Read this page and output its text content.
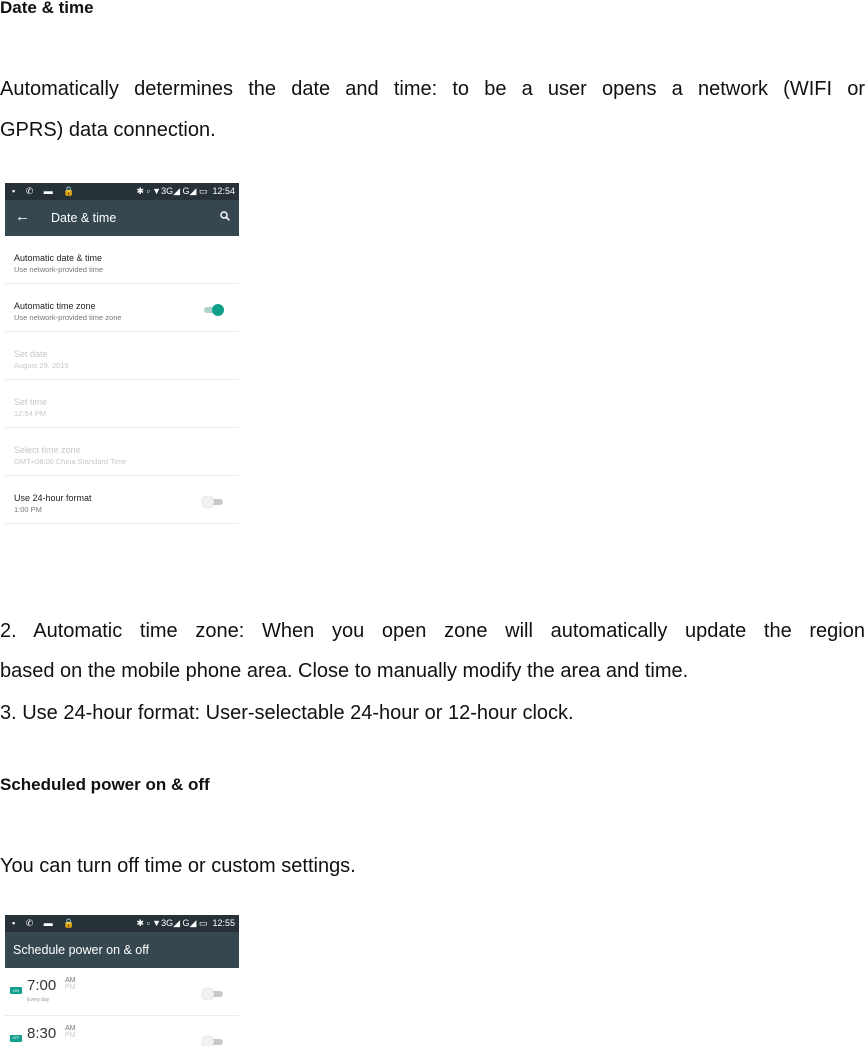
Date & time
Automatically determines the date and time: to be a user opens a network (WIFI or
GPRS) data connection.
▪ ✆ ▬ 🔒	✱ ▫ ▼3G◢ G◢ ▭ 12:54
← Date & time
Automatic date & time
Use network-provided time
Automatic time zone
Use network-provided time zone
Set date
August 29, 2015
Set time
12:54 PM
Select time zone
GMT+08:00 China Standard Time
Use 24-hour format
1:00 PM
2. Automatic time zone: When you open zone will automatically update the region
based on the mobile phone area. Close to manually modify the area and time.
3. Use 24-hour format: User-selectable 24-hour or 12-hour clock.
Scheduled power on & off
You can turn off time or custom settings.
▪ ✆ ▬ 🔒	✱ ▫ ▼3G◢ G◢ ▭ 12:55
Schedule power on & off
ON 7:00 AM
PM
Every day
OFF 8:30 AM
PM
